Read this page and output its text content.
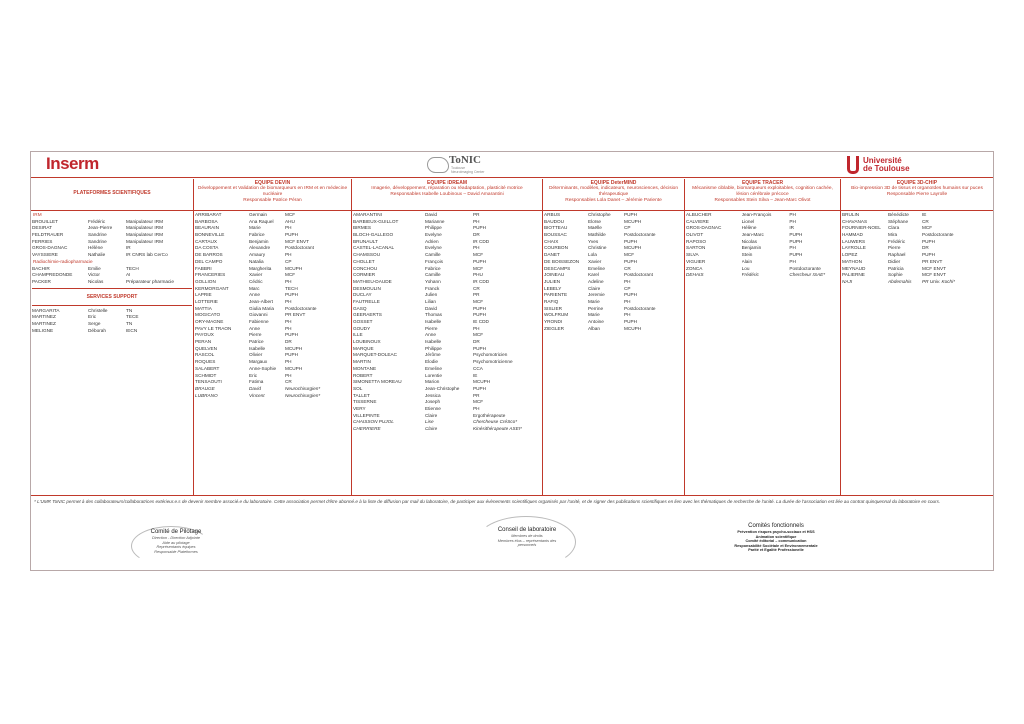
Inserm	ToNIC
Toulouse NeuroImaging Center
Université
de Toulouse
PLATEFORMES SCIENTIFIQUES
IRM
BROUILLET	Frédéric	Manipulateur IRM
DESIRAT	Jean-Pierre	Manipulateur IRM
FELDTRAUER	Sandrine	Manipulateur IRM
FERRIES	Sandrine	Manipulateur IRM
GROS-DAGNAC	Hélène	IR
VAYSSIERE	Nathalie	IR CNRS lab CerCo
Radiochimie-radiopharmacie
BACHIR	Emilie	TECH
CHAMPREDONDE	Victor	AI
PACKER	Nicolas	Préparateur pharmacie
SERVICES SUPPORT
MARGARITA	Christelle	TN
MARTINEZ	Eric	TECE
MARTINEZ	Serge	TN
MELIGNE	Déborah	IECN
EQUIPE DEVIN
Développement et Validation de biomarqueurs en IRM et en médecine nucléaire
Responsable Patrice Péran
ARRIBARAT	Germain	MCF
BARBOSA	Ana Raquel	AHU
BEAURAIN	Marie	PH
BONNEVILLE	Fabrice	PUPH
CARTAUX	Benjamin	MCF ENVT
DA COSTA	Alexandre	Postdoctorant
DE BARROS	Amaury	PH
DEL CAMPO	Natalia	CP
FABBRI	Margherita	MCUPH
FRANCERIES	Xavier	MCF
GOLLION	Cédric	PH
KERMORGANT	Marc	TECH
LAPRIE	Anne	PUPH
LOTTERIE	Jean-Albert	PH
MATTIA	Giulia Maria	Postdoctorante
MOGICATO	Giovanni	PR ENVT
ORY-MAGNE	Fabienne	PH
PAVY LE TRAON	Anne	PH
PAYOUX	Pierre	PUPH
PERAN	Patrice	DR
QUELVEN	Isabelle	MCUPH
RASCOL	Olivier	PUPH
ROQUES	Margaux	PH
SALABERT	Anne-Sophie	MCUPH
SCHMIDT	Eric	PH
TENSAOUTI	Fatima	CR
BRAUGE	David	Neurochirurgien*
LUBRANO	Vincent	Neurochirurgien*
EQUIPE iDREAM
Imagerie, développement, réparation ou réadaptation, plasticité motrice
Responsables Isabelle Loubinoux – David Amarantini
AMARANTINI	David	PR
BARBIEUX-GUILLOT	Marianne	PH
BIRMES	Philippe	PUPH
BLOCH-GALLEGO	Evelyne	DR
BRUNAULT	Adrien	IR CDD
CASTEL-LACANAL	Evelyne	PH
CHAMSSOU	Camille	MCF
CHOLLET	François	PUPH
CONCHOU	Fabrice	MCF
CORMIER	Camille	PHU
MATHIEU-DAUDE	Yohann	IR CDD
DESMOULIN	Franck	CR
DUCLAY	Julien	PR
FAUTRELLE	Lilian	MCF
GASQ	David	PUPH
GEERAERTS	Thomas	PUPH
GOSSET	Isabelle	IE CDD
GOUDY	Pierre	PH
ILLE	Anne	MCF
LOUBINOUX	Isabelle	DR
MARQUE	Philippe	PUPH
MARQUET-DOLEAC	Jérôme	Psychomotricien
MARTIN	Elodie	Psychomotricienne
MONTANE	Emeline	CCA
ROBERT	Lorentie	IE
SIMONETTA MOREAU	Marion	MCUPH
SOL	Jean-Christophe	PUPH
TALLET	Jessica	PR
TISSERNE	Joseph	MCF
VERY	Etienne	PH
VILLEPINTE	Claire	Ergothérapeute
CHAISSON PUJOL	Lise	Chercheuse CréSco*
CHERRIERE	Claire	Kinésithérapeute ASEI*
EQUIPE DeterMIND
Déterminants, modèles, indicateurs, neurosciences, décision thérapeutique
Responsables Lola Danet – Jérémie Pariente
ARBUS	Christophe	PUPH
BAUDOU	Eloïse	MCUPH
BIOTTEAU	Maëlle	CP
BOUSSAC	Mathilde	Postdoctorante
CHAIX	Yves	PUPH
COURBON	Christine	MCUPH
DANET	Lola	MCF
DE BOISSEZON	Xavier	PUPH
DESCAMPS	Emeline	CR
JOINEAU	Karel	Postdoctorant
JULIEN	Adeline	PH
LEBELY	Claire	CP
PARIENTE	Jeremie	PUPH
RAFIQ	Marie	PH
SISLIER	Perrine	Postdoctorante
WOLFRUM	Marie	PH
YRONDI	Antoine	PUPH
ZIEGLER	Alban	MCUPH
EQUIPE TRACER
Mécanisme ciblable, biomarqueurs exploitables, cognition cachée, lésion cérébrale précoce
Responsables Stein Silva – Jean-Marc Olivot
ALBUCHER	Jean-François	PH
CALVIERE	Lionel	PH
GROS-DAGNAC	Hélène	IR
OLIVOT	Jean-Marc	PUPH
RAPOSO	Nicolas	PUPH
SARTON	Benjamin	PH
SILVA	Stein	PUPH
VIGUIER	Alain	PH
ZONCA	Lou	Postdoctorante
DEHAIS	Frédéric	Chercheur ISAE*
EQUIPE 3D-CHIP
Bio-impression 3D de tissus et organoïdes humains sur puces
Responsable Pierre Layrolle
BRULIN	Bénédicte	IE
CHAVANAS	Stéphane	CR
FOURNIER-NOEL	Clara	MCF
HAMMAD	Mira	Postdoctorante
LAUWERS	Frédéric	PUPH
LAYROLLE	Pierre	DR
LOPEZ	Raphael	PUPH
MATHON	Didier	PR ENVT
MEYNAUD	Patricia	MCF ENVT
PALIERNE	Sophie	MCF ENVT
NAJI	Abdemahis	PR Univ. Kochi*
* L'UMR ToNIC permet à des collaborateurs/collaboratrices extérieur.e.s de devenir membre associé.e du laboratoire. Cette association permet d'être abonné.e à la liste de diffusion par mail du laboratoire, de participer aux évènements scientifiques organisés par l'unité, et de signer des publications scientifiques en lien avec les thématiques de recherche de l'unité. La durée de l'association est liée au contrat quinquennal du laboratoire en cours.
Comité de Pilotage
Direction - Direction Adjointe
Aide au pilotage
Représentants équipes
Responsable Plateformes
Conseil de laboratoire
Membres de droits
Membres élus – représentants des
personnels
Comités fonctionnels
Prévention risques psycho-sociaux et HSS
Animation scientifique
Comité éditorial – communication
Responsabilité Sociétale et Environnementale
Parité et Egalité Professionelle
